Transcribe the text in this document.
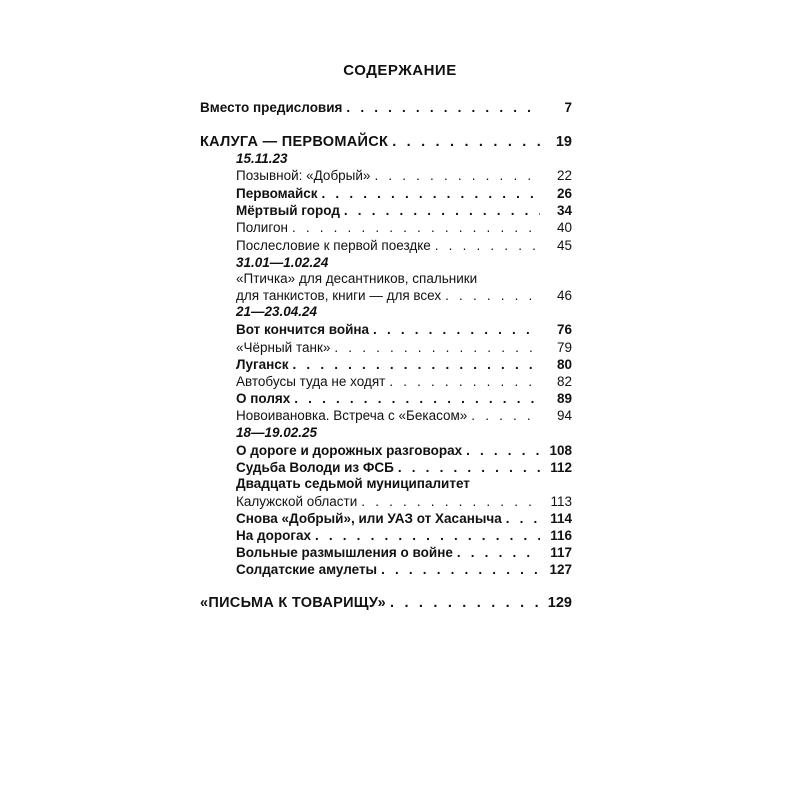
СОДЕРЖАНИЕ
Вместо предисловия . . .	7
КАЛУГА — ПЕРВОМАЙСК . . .	19
15.11.23
Позывной: «Добрый» . . .	22
Первомайск . . .	26
Мёртвый город . . .	34
Полигон . . .	40
Послесловие к первой поездке . . .	45
31.01—1.02.24
«Птичка» для десантников, спальники
для танкистов, книги — для всех . . .	46
21—23.04.24
Вот кончится война . . .	76
«Чёрный танк» . . .	79
Луганск . . .	80
Автобусы туда не ходят . . .	82
О полях . . .	89
Новоивановка. Встреча с «Бекасом» . . .	94
18—19.02.25
О дороге и дорожных разговорах . . .	108
Судьба Володи из ФСБ . . .	112
Двадцать седьмой муниципалитет
Калужской области . . .	113
Снова «Добрый», или УАЗ от Хасаныча . . .	114
На дорогах . . .	116
Вольные размышления о войне . . .	117
Солдатские амулеты . . .	127
«ПИСЬМА К ТОВАРИЩУ» . . .	129
